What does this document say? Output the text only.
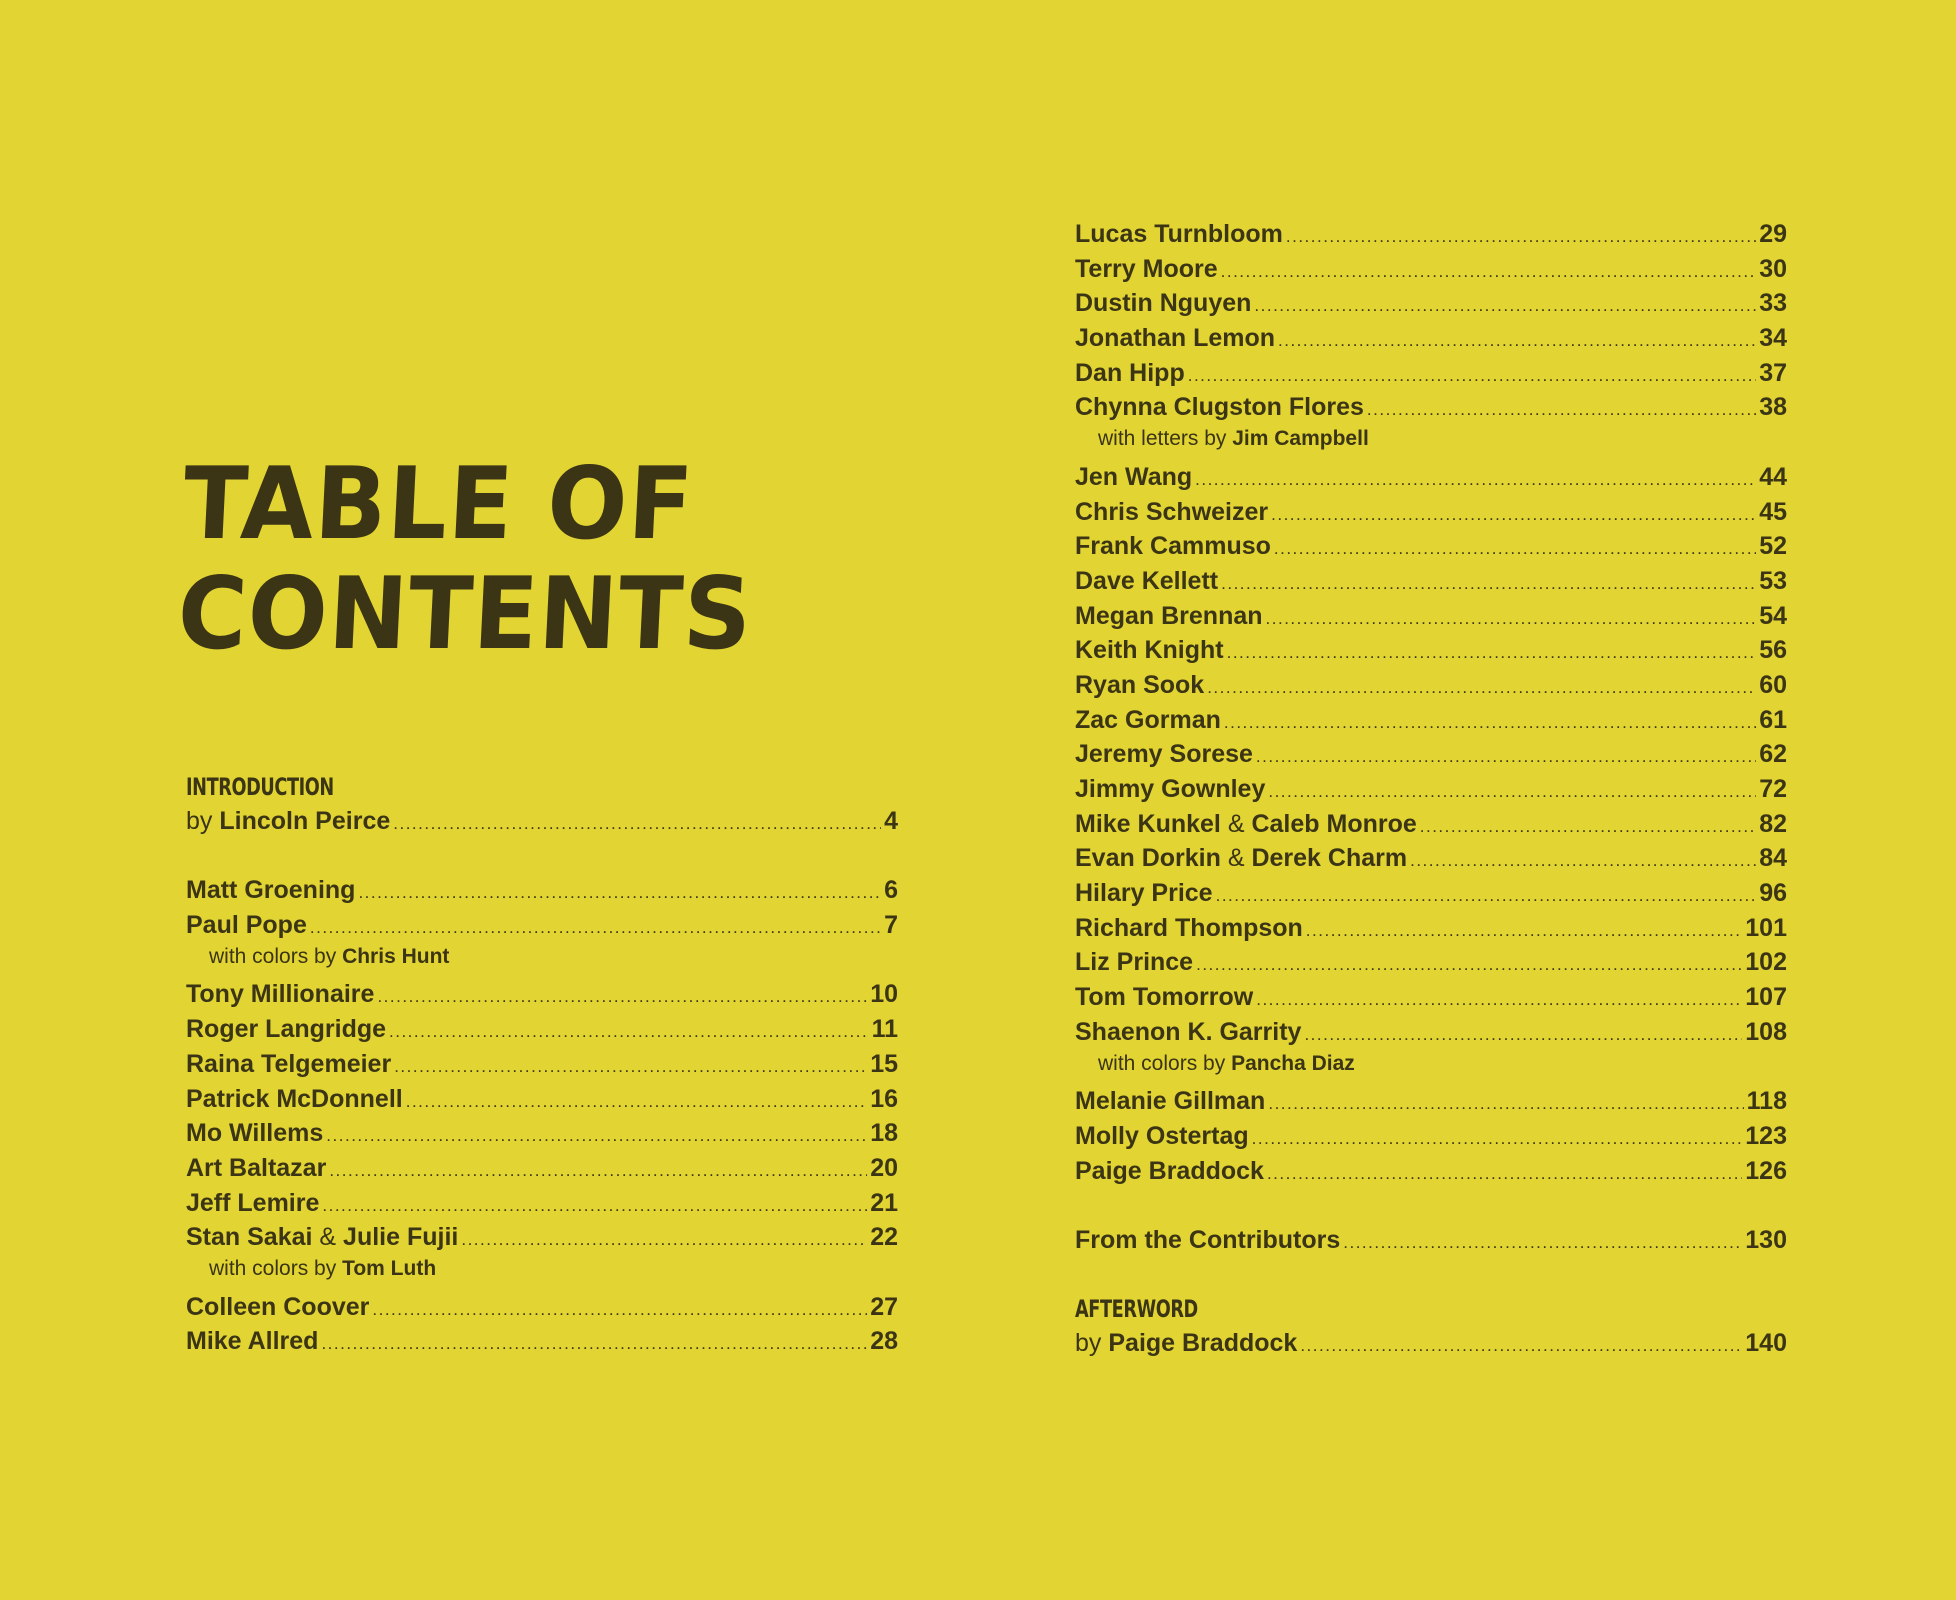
TABLE OF
CONTENTS
INTRODUCTION
by Lincoln Peirce .....	4
Matt Groening .....	6
Paul Pope .....	7
with colors by Chris Hunt
Tony Millionaire .....	10
Roger Langridge .....	11
Raina Telgemeier .....	15
Patrick McDonnell .....	16
Mo Willems .....	18
Art Baltazar .....	20
Jeff Lemire .....	21
Stan Sakai & Julie Fujii .....	22
with colors by Tom Luth
Colleen Coover .....	27
Mike Allred .....	28
Lucas Turnbloom .....	29
Terry Moore .....	30
Dustin Nguyen .....	33
Jonathan Lemon .....	34
Dan Hipp .....	37
Chynna Clugston Flores .....	38
with letters by Jim Campbell
Jen Wang .....	44
Chris Schweizer .....	45
Frank Cammuso .....	52
Dave Kellett .....	53
Megan Brennan .....	54
Keith Knight .....	56
Ryan Sook .....	60
Zac Gorman .....	61
Jeremy Sorese .....	62
Jimmy Gownley .....	72
Mike Kunkel & Caleb Monroe .....	82
Evan Dorkin & Derek Charm .....	84
Hilary Price .....	96
Richard Thompson .....	101
Liz Prince .....	102
Tom Tomorrow .....	107
Shaenon K. Garrity .....	108
with colors by Pancha Diaz
Melanie Gillman .....	118
Molly Ostertag .....	123
Paige Braddock .....	126
From the Contributors .....	130
AFTERWORD
by Paige Braddock .....	140
